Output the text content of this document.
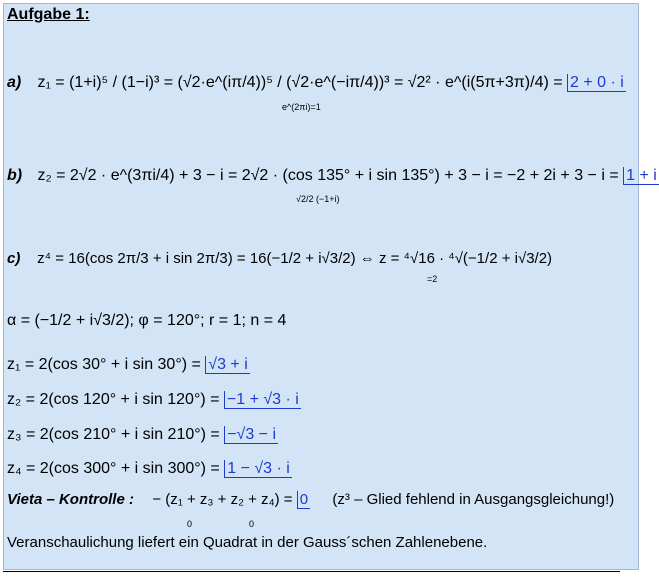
Aufgabe 1:
a) z₁ = (1+i)⁵ / (1−i)³ = (√2·e^(iπ/4))⁵ / (√2·e^(−iπ/4))³ = √2² · e^(i(5π+3π)/4) = 2 + 0 · i
e^(2πi)=1
b) z₂ = 2√2 · e^(3πi/4) + 3 − i = 2√2 · (cos 135° + i sin 135°) + 3 − i = −2 + 2i + 3 − i = 1 + i
√2/2 (−1+i)
c) z⁴ = 16(cos 2π/3 + i sin 2π/3) = 16(−1/2 + i√3/2) ⇔ z = ⁴√16 · ⁴√(−1/2 + i√3/2)
=2
α = (−1/2 + i√3/2); φ = 120°; r = 1; n = 4
z₁ = 2(cos 30° + i sin 30°) = √3 + i
z₂ = 2(cos 120° + i sin 120°) = −1 + √3 · i
z₃ = 2(cos 210° + i sin 210°) = −√3 − i
z₄ = 2(cos 300° + i sin 300°) = 1 − √3 · i
Vieta – Kontrolle : − (z₁ + z₃ + z₂ + z₄) = 0 (z³ – Glied fehlend in Ausgangsgleichung!)
0	0
Veranschaulichung liefert ein Quadrat in der Gauss´schen Zahlenebene.
